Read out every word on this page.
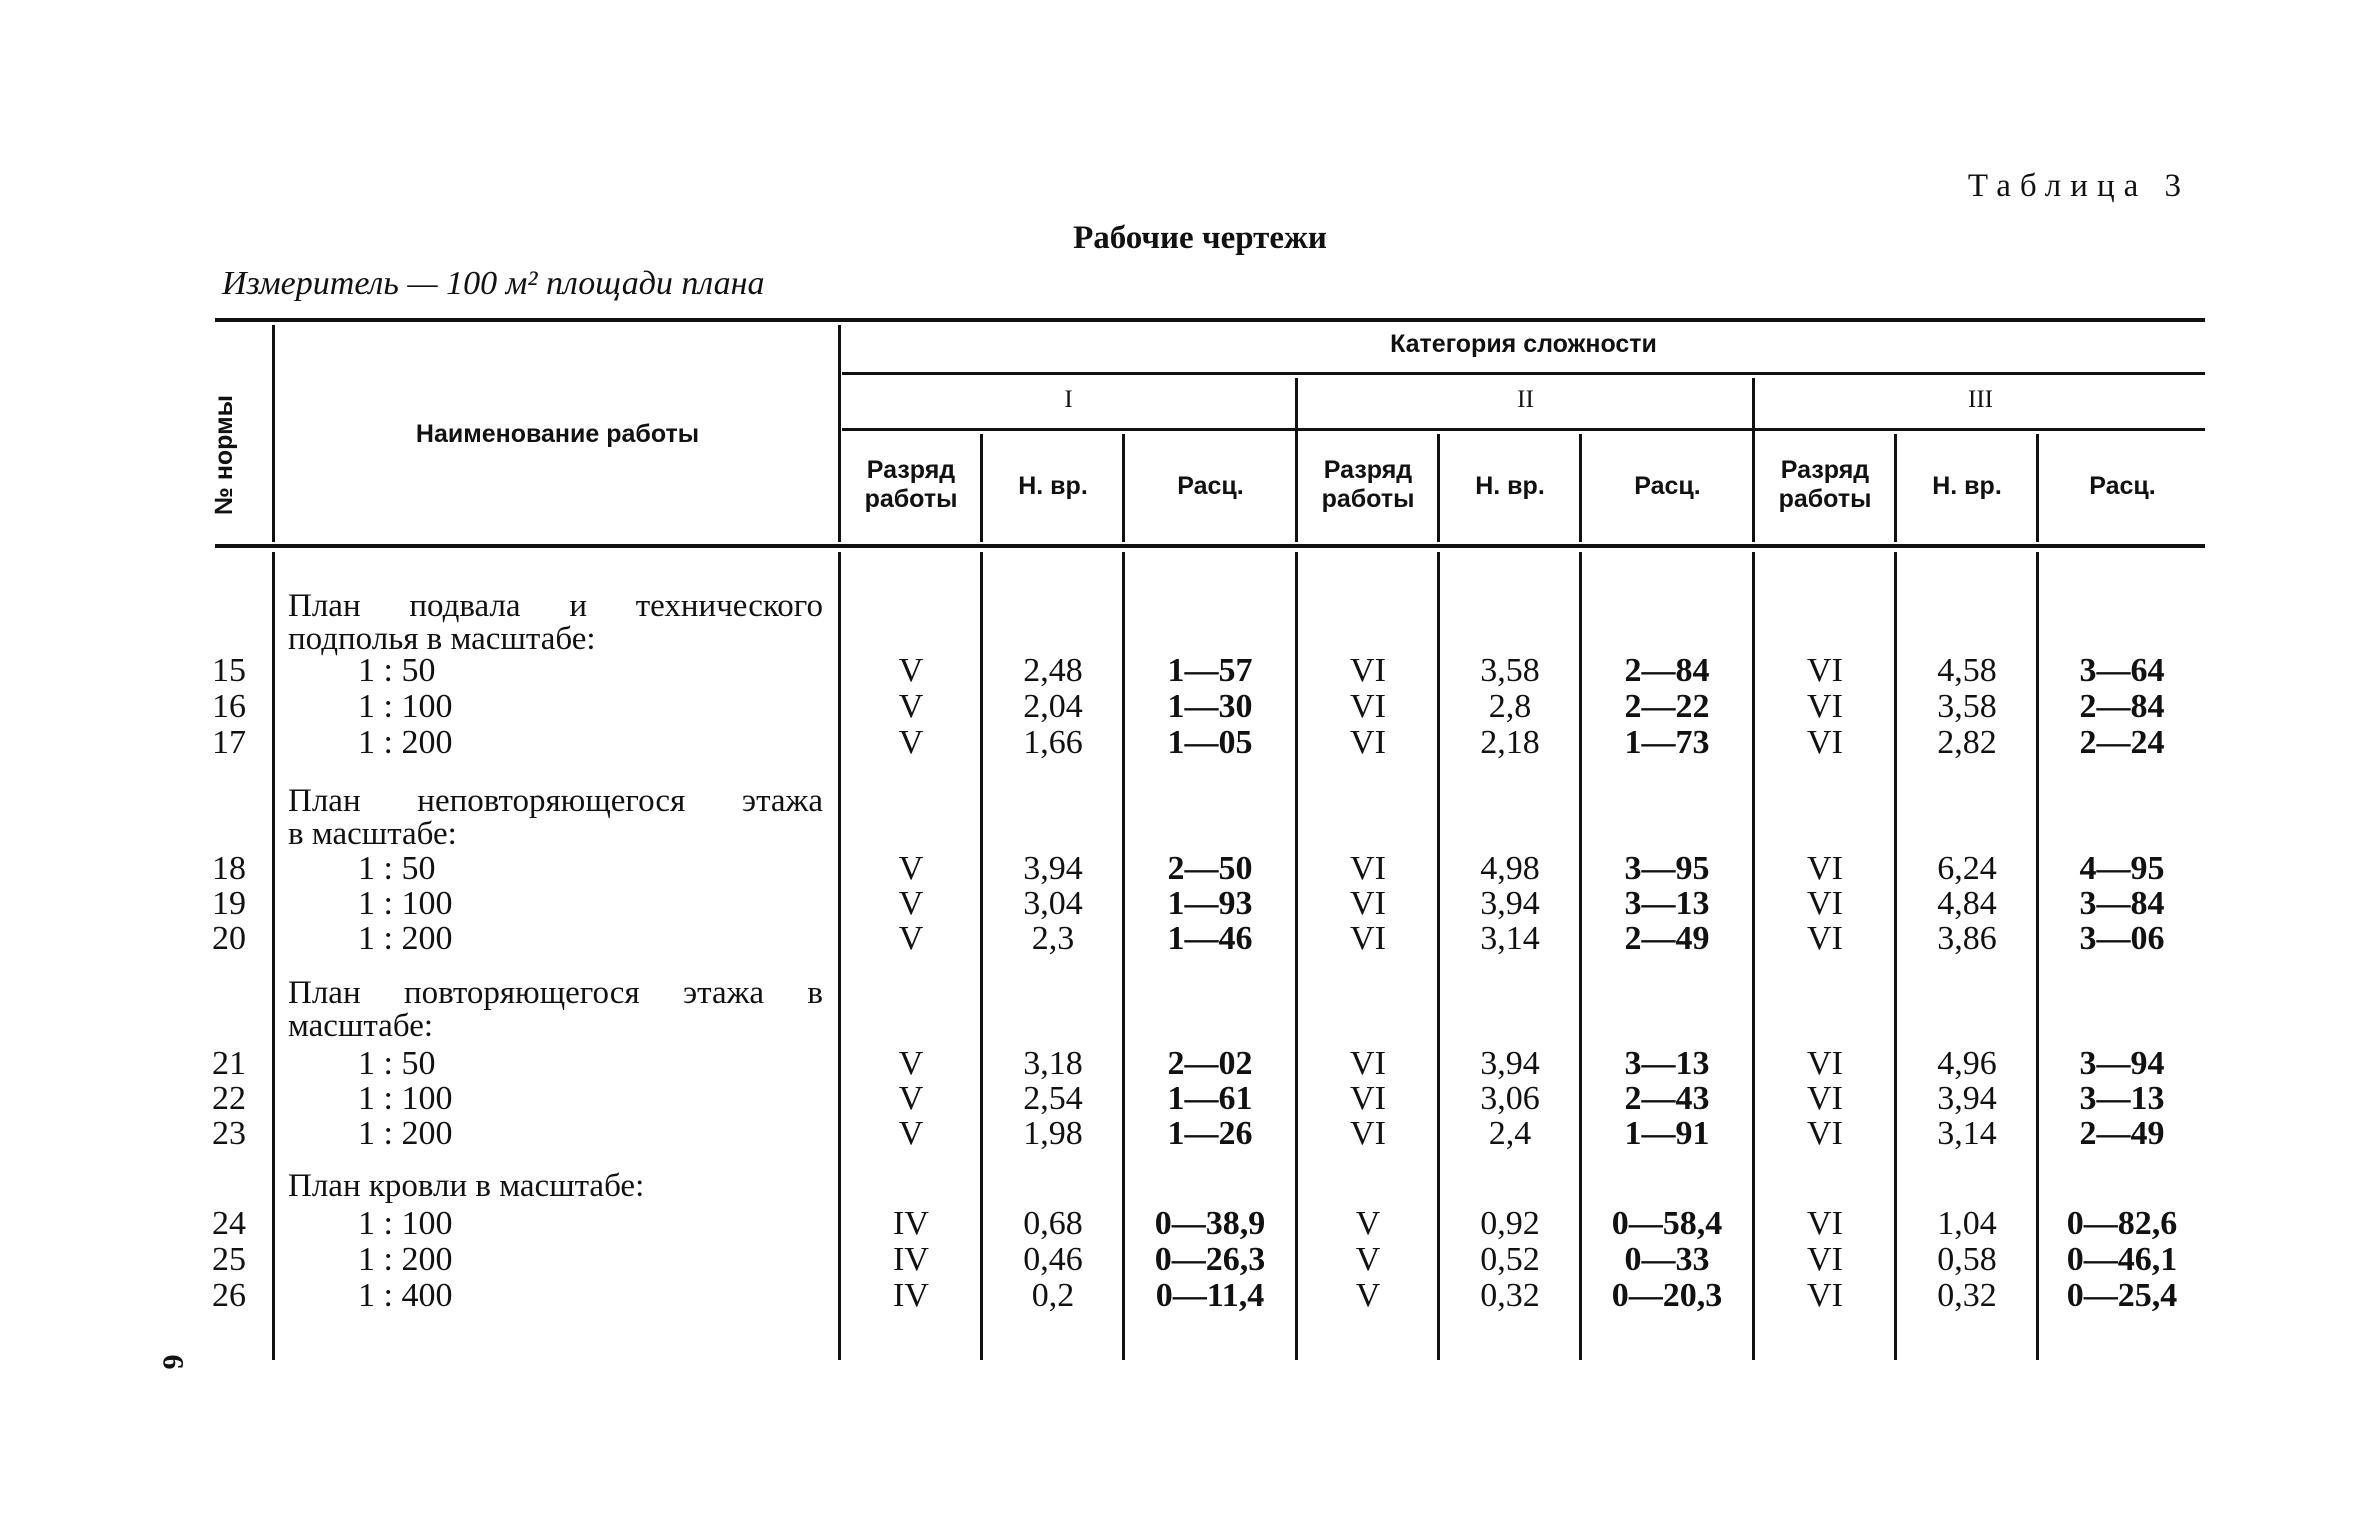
Таблица 3
Рабочие чертежи
Измеритель — 100 м² площади плана
№ нормы	Наименование работы
Категория сложности
I	II	III
Разряд
работы	Н. вр.	Расц.
Разряд
работы	Н. вр.	Расц.
Разряд
работы	Н. вр.	Расц.
План подвала и технического
подполья в масштабе:
15	1 : 50	V	2,48	1—57	VI	3,58	2—84	VI	4,58	3—64
16	1 : 100	V	2,04	1—30	VI	2,8	2—22	VI	3,58	2—84
17	1 : 200	V	1,66	1—05	VI	2,18	1—73	VI	2,82	2—24
План неповторяющегося этажа
в масштабе:
18	1 : 50	V	3,94	2—50	VI	4,98	3—95	VI	6,24	4—95
19	1 : 100	V	3,04	1—93	VI	3,94	3—13	VI	4,84	3—84
20	1 : 200	V	2,3	1—46	VI	3,14	2—49	VI	3,86	3—06
План повторяющегося этажа в
масштабе:
21	1 : 50	V	3,18	2—02	VI	3,94	3—13	VI	4,96	3—94
22	1 : 100	V	2,54	1—61	VI	3,06	2—43	VI	3,94	3—13
23	1 : 200	V	1,98	1—26	VI	2,4	1—91	VI	3,14	2—49
План кровли в масштабе:
24	1 : 100	IV	0,68	0—38,9	V	0,92	0—58,4	VI	1,04	0—82,6
25	1 : 200	IV	0,46	0—26,3	V	0,52	0—33	VI	0,58	0—46,1
26	1 : 400	IV	0,2	0—11,4	V	0,32	0—20,3	VI	0,32	0—25,4
6
